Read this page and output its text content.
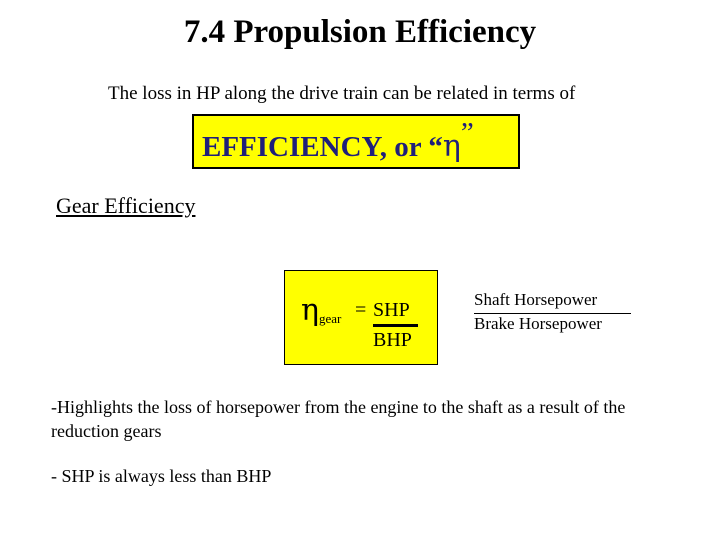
7.4 Propulsion Efficiency
The loss in HP along the drive train can be related in terms of
EFFICIENCY, or “η”
Gear Efficiency
η gear = SHP
BHP
Shaft Horsepower
Brake Horsepower
-Highlights the loss of horsepower from the engine to the shaft as a result of the reduction gears
- SHP is always less than BHP
